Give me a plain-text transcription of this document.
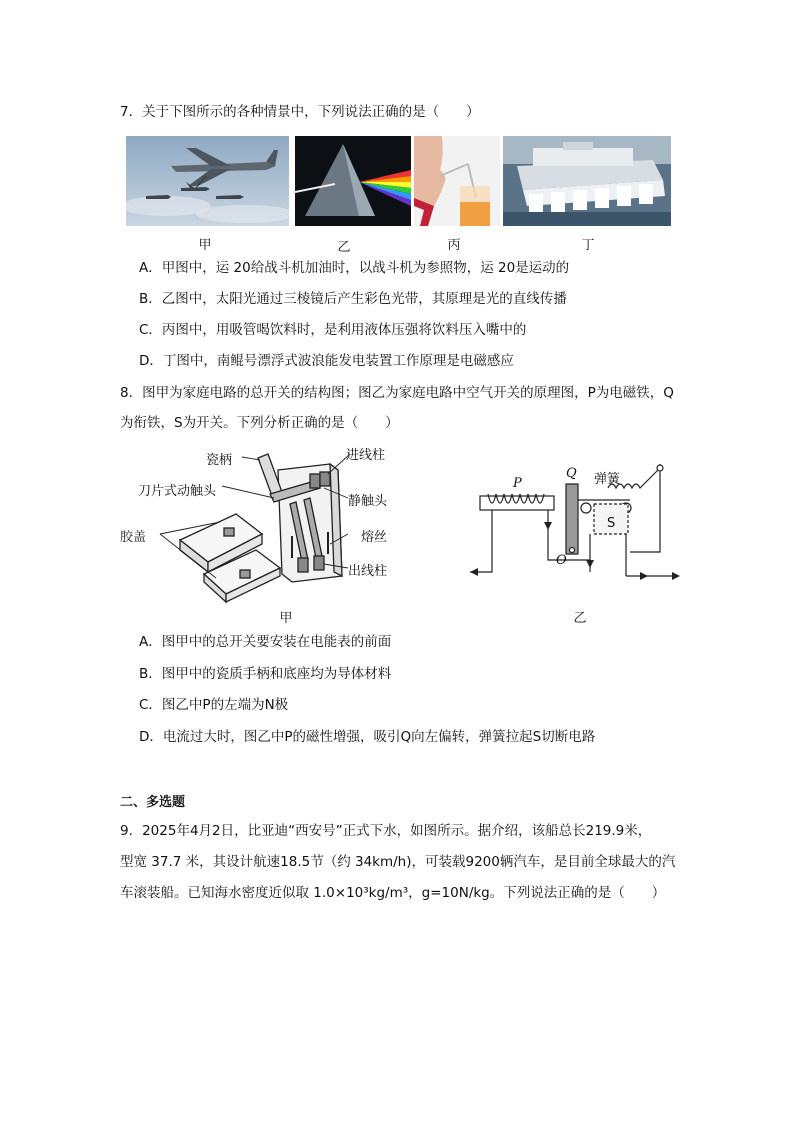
7．关于下图所示的各种情景中，下列说法正确的是（　　）
甲	乙	丙	丁
A．甲图中，运 20给战斗机加油时，以战斗机为参照物，运 20是运动的
B．乙图中，太阳光通过三棱镜后产生彩色光带，其原理是光的直线传播
C．丙图中，用吸管喝饮料时，是利用液体压强将饮料压入嘴中的
D．丁图中，南鲲号漂浮式波浪能发电装置工作原理是电磁感应
8．图甲为家庭电路的总开关的结构图；图乙为家庭电路中空气开关的原理图，P为电磁铁，Q
为衔铁，S为开关。下列分析正确的是（　　）
瓷柄	进线柱
刀片式动触头
静触头
胶盖	熔丝
出线柱
甲
P
Q 弹簧
S
O
乙
A．图甲中的总开关要安装在电能表的前面
B．图甲中的瓷质手柄和底座均为导体材料
C．图乙中P的左端为N极
D．电流过大时，图乙中P的磁性增强，吸引Q向左偏转，弹簧拉起S切断电路
二、多选题
9．2025年4月2日，比亚迪“西安号”正式下水，如图所示。据介绍，该船总长219.9米，
型宽 37.7 米，其设计航速18.5节（约 34km/h)，可装载9200辆汽车，是目前全球最大的汽
车滚装船。已知海水密度近似取 1.0×10³kg/m³，g=10N/kg。下列说法正确的是（　　）
